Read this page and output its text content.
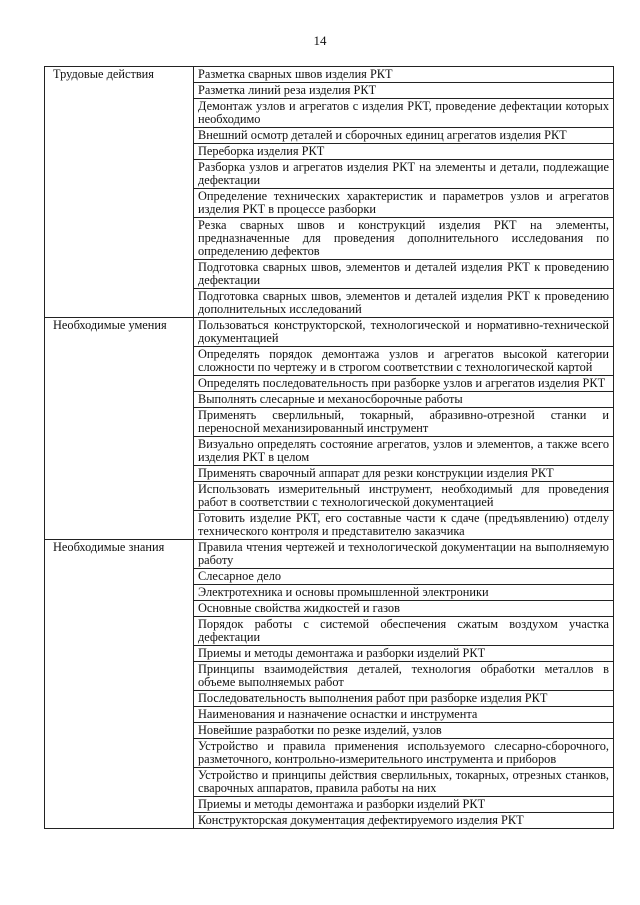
14
Трудовые действия	Разметка сварных швов изделия РКТ
	Разметка линий реза изделия РКТ
	Демонтаж узлов и агрегатов с изделия РКТ, проведение дефектации которых необходимо
	Внешний осмотр деталей и сборочных единиц агрегатов изделия РКТ
	Переборка изделия РКТ
	Разборка узлов и агрегатов изделия РКТ на элементы и детали, подлежащие дефектации
	Определение технических характеристик и параметров узлов и агрегатов изделия РКТ в процессе разборки
	Резка сварных швов и конструкций изделия РКТ на элементы, предназначенные для проведения дополнительного исследования по определению дефектов
	Подготовка сварных швов, элементов и деталей изделия РКТ к проведению дефектации
	Подготовка сварных швов, элементов и деталей изделия РКТ к проведению дополнительных исследований
Необходимые умения	Пользоваться конструкторской, технологической и нормативно-технической документацией
	Определять порядок демонтажа узлов и агрегатов высокой категории сложности по чертежу и в строгом соответствии с технологической картой
	Определять последовательность при разборке узлов и агрегатов изделия РКТ
	Выполнять слесарные и механосборочные работы
	Применять сверлильный, токарный, абразивно-отрезной станки и переносной механизированный инструмент
	Визуально определять состояние агрегатов, узлов и элементов, а также всего изделия РКТ в целом
	Применять сварочный аппарат для резки конструкции изделия РКТ
	Использовать измерительный инструмент, необходимый для проведения работ в соответствии с технологической документацией
	Готовить изделие РКТ, его составные части к сдаче (предъявлению) отделу технического контроля и представителю заказчика
Необходимые знания	Правила чтения чертежей и технологической документации на выполняемую работу
	Слесарное дело
	Электротехника и основы промышленной электроники
	Основные свойства жидкостей и газов
	Порядок работы с системой обеспечения сжатым воздухом участка дефектации
	Приемы и методы демонтажа и разборки изделий РКТ
	Принципы взаимодействия деталей, технология обработки металлов в объеме выполняемых работ
	Последовательность выполнения работ при разборке изделия РКТ
	Наименования и назначение оснастки и инструмента
	Новейшие разработки по резке изделий, узлов
	Устройство и правила применения используемого слесарно-сборочного, разметочного, контрольно-измерительного инструмента и приборов
	Устройство и принципы действия сверлильных, токарных, отрезных станков, сварочных аппаратов, правила работы на них
	Приемы и методы демонтажа и разборки изделий РКТ
	Конструкторская документация дефектируемого изделия РКТ
